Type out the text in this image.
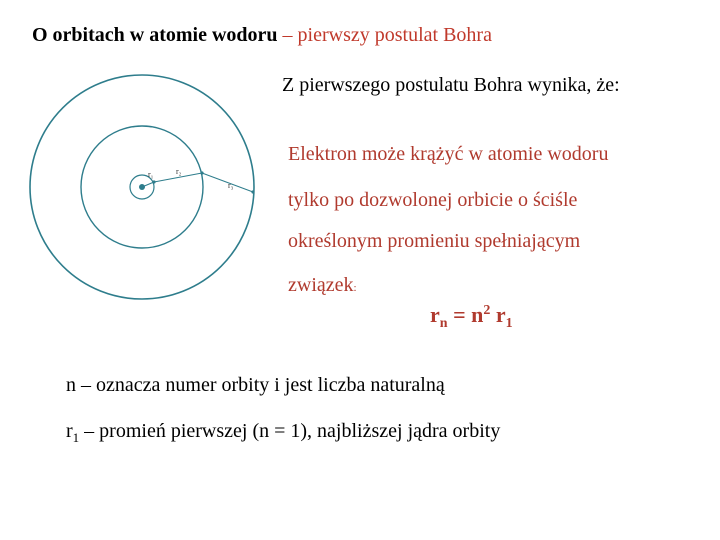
O orbitach w atomie wodoru – pierwszy postulat Bohra
Z pierwszego postulatu Bohra wynika, że:
r₁	r₂
r₃
Elektron może krążyć w atomie wodoru
tylko po dozwolonej orbicie o ściśle
określonym promieniu spełniającym
związek:
$r_n = n^2$ $r_1$
n – oznacza numer orbity i jest liczba naturalną
$r_1$ – promień pierwszej (n = 1), najbliższej jądra orbity
